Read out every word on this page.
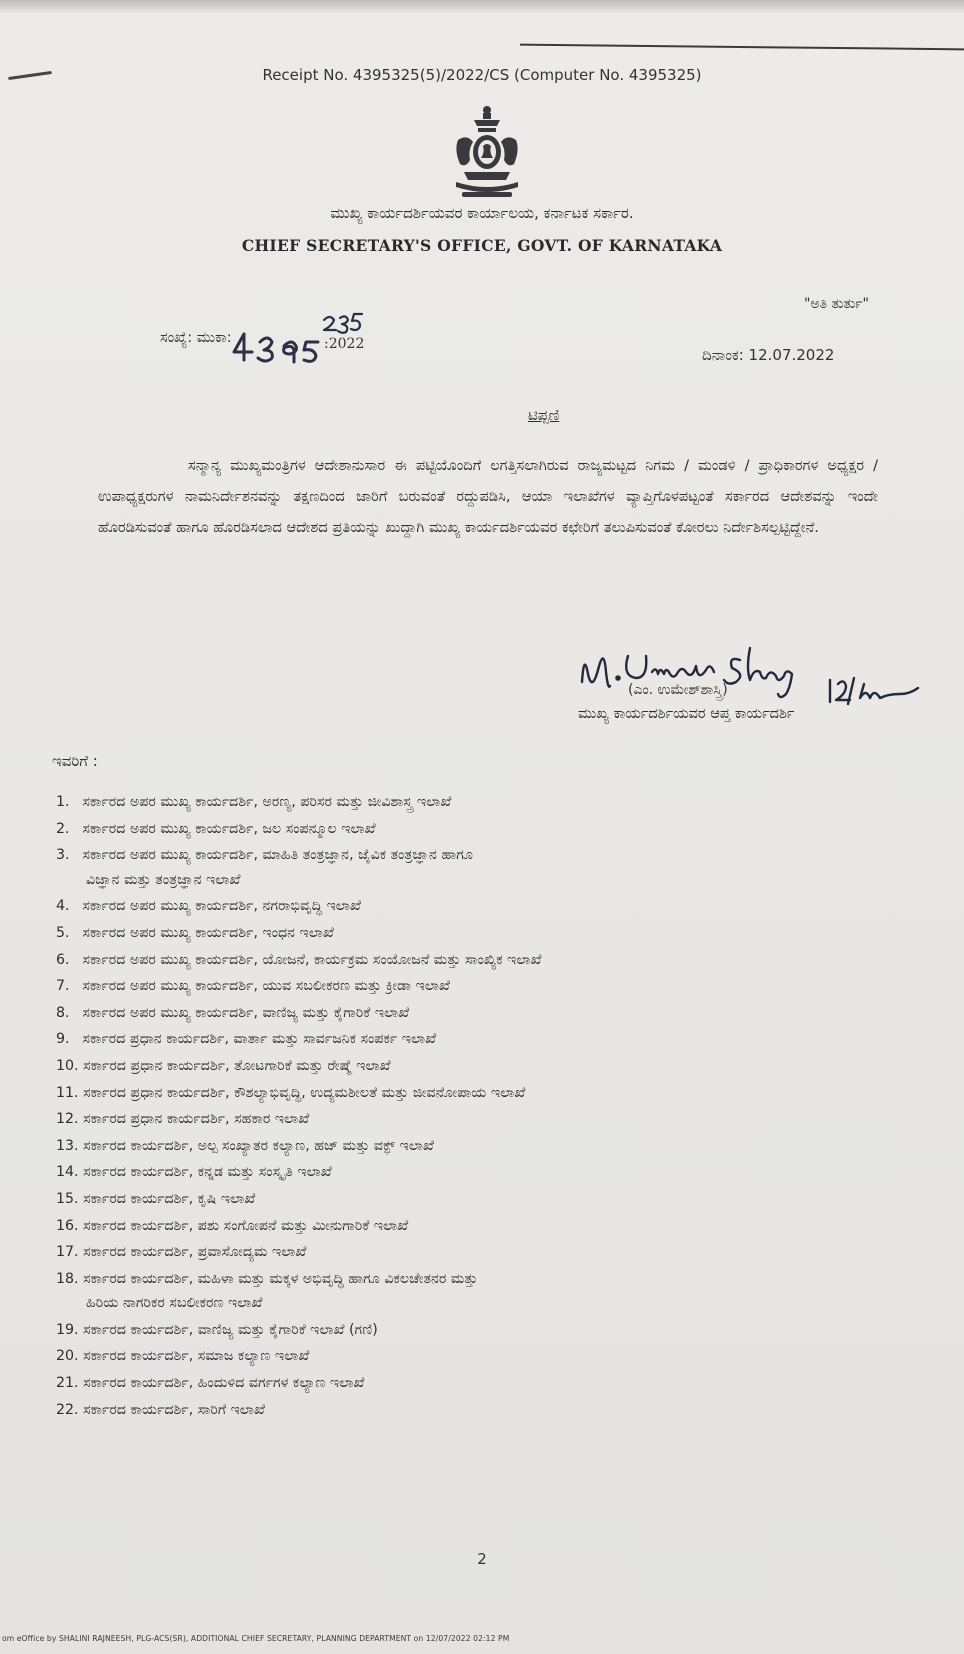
Receipt No. 4395325(5)/2022/CS (Computer No. 4395325)
ಮುಖ್ಯ ಕಾರ್ಯದರ್ಶಿಯವರ ಕಾರ್ಯಾಲಯ, ಕರ್ನಾಟಕ ಸರ್ಕಾರ.
CHIEF SECRETARY'S OFFICE, GOVT. OF KARNATAKA
"ಅತಿ ತುರ್ತು"
ಸಂಖ್ಯೆ: ಮುಕಾ:	:2022
ದಿನಾಂಕ: 12.07.2022
ಟಿಪ್ಪಣಿ
ಸನ್ಮಾನ್ಯ ಮುಖ್ಯಮಂತ್ರಿಗಳ ಆದೇಶಾನುಸಾರ ಈ ಪಟ್ಟಿಯೊಂದಿಗೆ ಲಗತ್ತಿಸಲಾಗಿರುವ ರಾಜ್ಯಮಟ್ಟದ ನಿಗಮ / ಮಂಡಳಿ / ಪ್ರಾಧಿಕಾರಗಳ ಅಧ್ಯಕ್ಷರ / ಉಪಾಧ್ಯಕ್ಷರುಗಳ ನಾಮನಿರ್ದೇಶನವನ್ನು ತಕ್ಷಣದಿಂದ ಜಾರಿಗೆ ಬರುವಂತೆ ರದ್ದುಪಡಿಸಿ, ಆಯಾ ಇಲಾಖೆಗಳ ವ್ಯಾಪ್ತಿಗೊಳಪಟ್ಟಂತೆ ಸರ್ಕಾರದ ಆದೇಶವನ್ನು ಇಂದೇ ಹೊರಡಿಸುವಂತೆ ಹಾಗೂ ಹೊರಡಿಸಲಾದ ಆದೇಶದ ಪ್ರತಿಯನ್ನು ಖುದ್ದಾಗಿ ಮುಖ್ಯ ಕಾರ್ಯದರ್ಶಿಯವರ ಕಛೇರಿಗೆ ತಲುಪಿಸುವಂತೆ ಕೋರಲು ನಿರ್ದೇಶಿಸಲ್ಪಟ್ಟಿದ್ದೇನೆ.
(ಎಂ. ಉಮೇಶ್‌ಶಾಸ್ತ್ರಿ)
ಮುಖ್ಯ ಕಾರ್ಯದರ್ಶಿಯವರ ಆಪ್ತ ಕಾರ್ಯದರ್ಶಿ
ಇವರಿಗೆ :
1. ಸರ್ಕಾರದ ಅಪರ ಮುಖ್ಯ ಕಾರ್ಯದರ್ಶಿ, ಅರಣ್ಯ, ಪರಿಸರ ಮತ್ತು ಜೀವಿಶಾಸ್ತ್ರ ಇಲಾಖೆ
2. ಸರ್ಕಾರದ ಅಪರ ಮುಖ್ಯ ಕಾರ್ಯದರ್ಶಿ, ಜಲ ಸಂಪನ್ಮೂಲ ಇಲಾಖೆ
3. ಸರ್ಕಾರದ ಅಪರ ಮುಖ್ಯ ಕಾರ್ಯದರ್ಶಿ, ಮಾಹಿತಿ ತಂತ್ರಜ್ಞಾನ, ಜೈವಿಕ ತಂತ್ರಜ್ಞಾನ ಹಾಗೂ
ವಿಜ್ಞಾನ ಮತ್ತು ತಂತ್ರಜ್ಞಾನ ಇಲಾಖೆ
4. ಸರ್ಕಾರದ ಅಪರ ಮುಖ್ಯ ಕಾರ್ಯದರ್ಶಿ, ನಗರಾಭಿವೃದ್ಧಿ ಇಲಾಖೆ
5. ಸರ್ಕಾರದ ಅಪರ ಮುಖ್ಯ ಕಾರ್ಯದರ್ಶಿ, ಇಂಧನ ಇಲಾಖೆ
6. ಸರ್ಕಾರದ ಅಪರ ಮುಖ್ಯ ಕಾರ್ಯದರ್ಶಿ, ಯೋಜನೆ, ಕಾರ್ಯಕ್ರಮ ಸಂಯೋಜನೆ ಮತ್ತು ಸಾಂಖ್ಯಿಕ ಇಲಾಖೆ
7. ಸರ್ಕಾರದ ಅಪರ ಮುಖ್ಯ ಕಾರ್ಯದರ್ಶಿ, ಯುವ ಸಬಲೀಕರಣ ಮತ್ತು ಕ್ರೀಡಾ ಇಲಾಖೆ
8. ಸರ್ಕಾರದ ಅಪರ ಮುಖ್ಯ ಕಾರ್ಯದರ್ಶಿ, ವಾಣಿಜ್ಯ ಮತ್ತು ಕೈಗಾರಿಕೆ ಇಲಾಖೆ
9. ಸರ್ಕಾರದ ಪ್ರಧಾನ ಕಾರ್ಯದರ್ಶಿ, ವಾರ್ತಾ ಮತ್ತು ಸಾರ್ವಜನಿಕ ಸಂಪರ್ಕ ಇಲಾಖೆ
10. ಸರ್ಕಾರದ ಪ್ರಧಾನ ಕಾರ್ಯದರ್ಶಿ, ತೋಟಗಾರಿಕೆ ಮತ್ತು ರೇಷ್ಮೆ ಇಲಾಖೆ
11. ಸರ್ಕಾರದ ಪ್ರಧಾನ ಕಾರ್ಯದರ್ಶಿ, ಕೌಶಲ್ಯಾಭಿವೃದ್ಧಿ, ಉದ್ಯಮಶೀಲತೆ ಮತ್ತು ಜೀವನೋಪಾಯ ಇಲಾಖೆ
12. ಸರ್ಕಾರದ ಪ್ರಧಾನ ಕಾರ್ಯದರ್ಶಿ, ಸಹಕಾರ ಇಲಾಖೆ
13. ಸರ್ಕಾರದ ಕಾರ್ಯದರ್ಶಿ, ಅಲ್ಪ ಸಂಖ್ಯಾತರ ಕಲ್ಯಾಣ, ಹಜ್ ಮತ್ತು ವಕ್ಫ್ ಇಲಾಖೆ
14. ಸರ್ಕಾರದ ಕಾರ್ಯದರ್ಶಿ, ಕನ್ನಡ ಮತ್ತು ಸಂಸ್ಕೃತಿ ಇಲಾಖೆ
15. ಸರ್ಕಾರದ ಕಾರ್ಯದರ್ಶಿ, ಕೃಷಿ ಇಲಾಖೆ
16. ಸರ್ಕಾರದ ಕಾರ್ಯದರ್ಶಿ, ಪಶು ಸಂಗೋಪನೆ ಮತ್ತು ಮೀನುಗಾರಿಕೆ ಇಲಾಖೆ
17. ಸರ್ಕಾರದ ಕಾರ್ಯದರ್ಶಿ, ಪ್ರವಾಸೋದ್ಯಮ ಇಲಾಖೆ
18. ಸರ್ಕಾರದ ಕಾರ್ಯದರ್ಶಿ, ಮಹಿಳಾ ಮತ್ತು ಮಕ್ಕಳ ಅಭಿವೃದ್ಧಿ ಹಾಗೂ ವಿಕಲಚೇತನರ ಮತ್ತು
ಹಿರಿಯ ನಾಗರಿಕರ ಸಬಲೀಕರಣ ಇಲಾಖೆ
19. ಸರ್ಕಾರದ ಕಾರ್ಯದರ್ಶಿ, ವಾಣಿಜ್ಯ ಮತ್ತು ಕೈಗಾರಿಕೆ ಇಲಾಖೆ (ಗಣಿ)
20. ಸರ್ಕಾರದ ಕಾರ್ಯದರ್ಶಿ, ಸಮಾಜ ಕಲ್ಯಾಣ ಇಲಾಖೆ
21. ಸರ್ಕಾರದ ಕಾರ್ಯದರ್ಶಿ, ಹಿಂದುಳಿದ ವರ್ಗಗಳ ಕಲ್ಯಾಣ ಇಲಾಖೆ
22. ಸರ್ಕಾರದ ಕಾರ್ಯದರ್ಶಿ, ಸಾರಿಗೆ ಇಲಾಖೆ
2
om eOffice by SHALINI RAJNEESH, PLG-ACS(SR), ADDITIONAL CHIEF SECRETARY, PLANNING DEPARTMENT on 12/07/2022 02:12 PM
